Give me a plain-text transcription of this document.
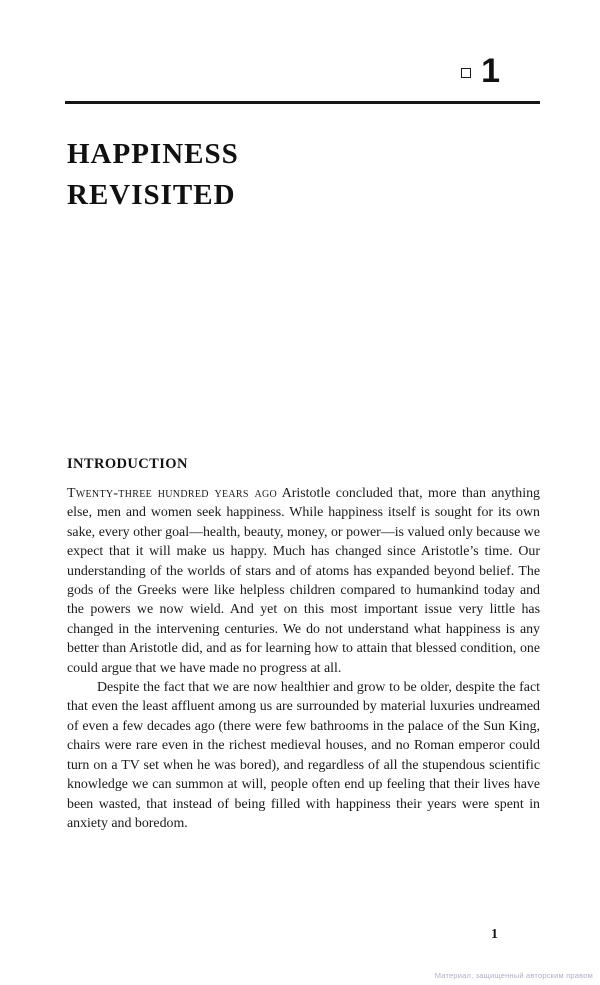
1
HAPPINESS
REVISITED
INTRODUCTION

Twenty-three hundred years ago Aristotle concluded that, more than anything else, men and women seek happiness. While happiness itself is sought for its own sake, every other goal—health, beauty, money, or power—is valued only because we expect that it will make us happy. Much has changed since Aristotle’s time. Our understanding of the worlds of stars and of atoms has expanded beyond belief. The gods of the Greeks were like helpless children compared to humankind today and the powers we now wield. And yet on this most important issue very little has changed in the intervening centuries. We do not understand what happiness is any better than Aristotle did, and as for learning how to attain that blessed condition, one could argue that we have made no progress at all.

Despite the fact that we are now healthier and grow to be older, despite the fact that even the least affluent among us are surrounded by material luxuries undreamed of even a few decades ago (there were few bathrooms in the palace of the Sun King, chairs were rare even in the richest medieval houses, and no Roman emperor could turn on a TV set when he was bored), and regardless of all the stupendous scientific knowledge we can summon at will, people often end up feeling that their lives have been wasted, that instead of being filled with happiness their years were spent in anxiety and boredom.

1
Материал, защищенный авторским правом
